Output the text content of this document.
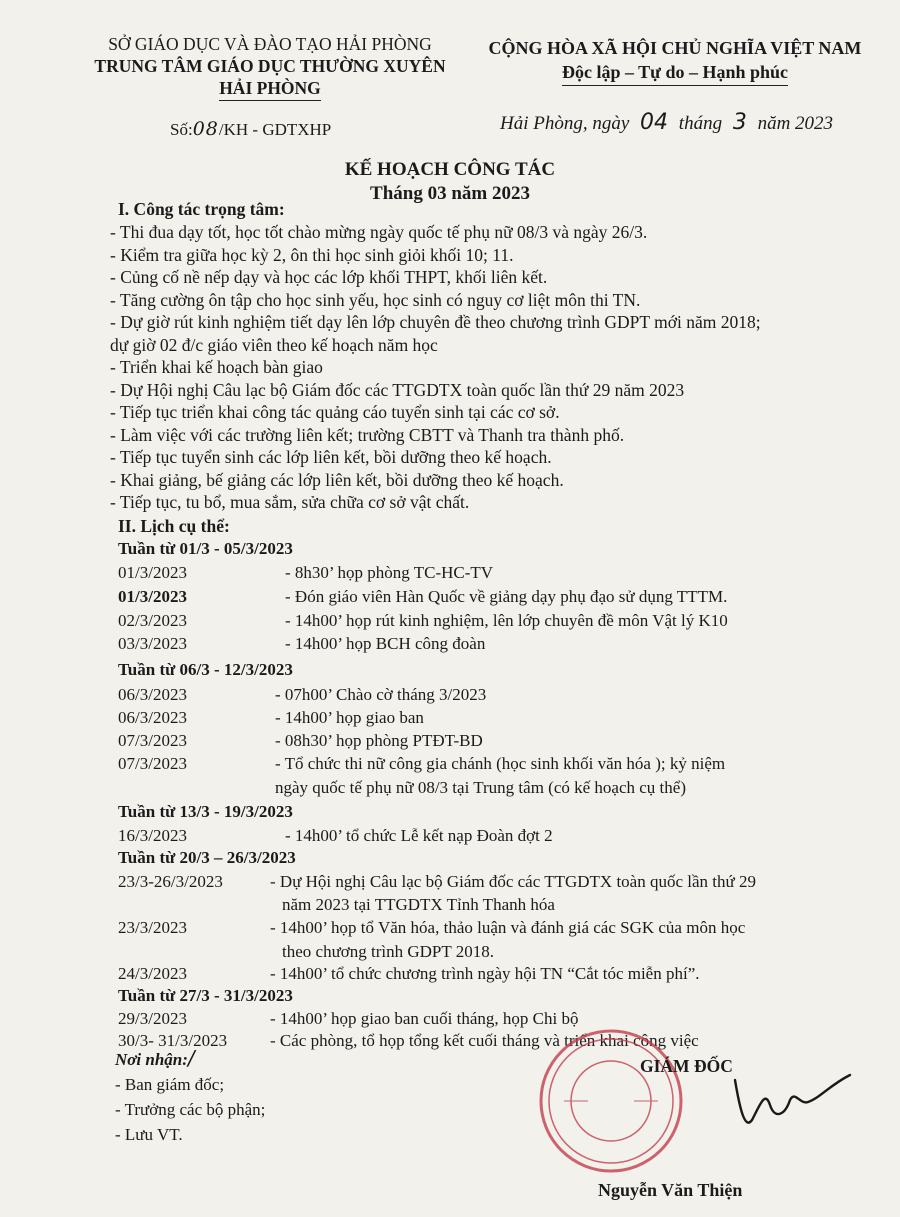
SỞ GIÁO DỤC VÀ ĐÀO TẠO HẢI PHÒNG
TRUNG TÂM GIÁO DỤC THƯỜNG XUYÊN
HẢI PHÒNG
CỘNG HÒA XÃ HỘI CHỦ NGHĨA VIỆT NAM
Độc lập – Tự do – Hạnh phúc
Số:08/KH - GDTXHP	Hải Phòng, ngày 04 tháng 3 năm 2023
KẾ HOẠCH CÔNG TÁC
Tháng 03 năm 2023
I. Công tác trọng tâm:
- Thi đua dạy tốt, học tốt chào mừng ngày quốc tế phụ nữ 08/3 và ngày 26/3.
- Kiểm tra giữa học kỳ 2, ôn thi học sinh giỏi khối 10; 11.
- Củng cố nề nếp dạy và học các lớp khối THPT, khối liên kết.
- Tăng cường ôn tập cho học sinh yếu, học sinh có nguy cơ liệt môn thi TN.
- Dự giờ rút kinh nghiệm tiết dạy lên lớp chuyên đề theo chương trình GDPT mới năm 2018;
dự giờ 02 đ/c giáo viên theo kế hoạch năm học
- Triển khai kế hoạch bàn giao
- Dự Hội nghị Câu lạc bộ Giám đốc các TTGDTX toàn quốc lần thứ 29 năm 2023
- Tiếp tục triển khai công tác quảng cáo tuyển sinh tại các cơ sở.
- Làm việc với các trường liên kết; trường CBTT và Thanh tra thành phố.
- Tiếp tục tuyển sinh các lớp liên kết, bồi dưỡng theo kế hoạch.
- Khai giảng, bế giảng các lớp liên kết, bồi dưỡng theo kế hoạch.
- Tiếp tục, tu bổ, mua sắm, sửa chữa cơ sở vật chất.
II. Lịch cụ thể:
Tuần từ 01/3 - 05/3/2023
01/3/2023	- 8h30’ họp phòng TC-HC-TV
01/3/2023	- Đón giáo viên Hàn Quốc về giảng dạy phụ đạo sử dụng TTTM.
02/3/2023	- 14h00’ họp rút kinh nghiệm, lên lớp chuyên đề môn Vật lý K10
03/3/2023	- 14h00’ họp BCH công đoàn
Tuần từ 06/3 - 12/3/2023
06/3/2023	- 07h00’ Chào cờ tháng 3/2023
06/3/2023	- 14h00’ họp giao ban
07/3/2023	- 08h30’ họp phòng PTĐT-BD
07/3/2023	- Tổ chức thi nữ công gia chánh (học sinh khối văn hóa ); kỷ niệm
ngày quốc tế phụ nữ 08/3 tại Trung tâm (có kế hoạch cụ thể)
Tuần từ 13/3 - 19/3/2023
16/3/2023	- 14h00’ tổ chức Lễ kết nạp Đoàn đợt 2
Tuần từ 20/3 – 26/3/2023
23/3-26/3/2023	- Dự Hội nghị Câu lạc bộ Giám đốc các TTGDTX toàn quốc lần thứ 29
năm 2023 tại TTGDTX Tỉnh Thanh hóa
23/3/2023	- 14h00’ họp tổ Văn hóa, thảo luận và đánh giá các SGK của môn học
theo chương trình GDPT 2018.
24/3/2023	- 14h00’ tổ chức chương trình ngày hội TN “Cắt tóc miễn phí”.
Tuần từ 27/3 - 31/3/2023
29/3/2023	- 14h00’ họp giao ban cuối tháng, họp Chi bộ
30/3- 31/3/2023	- Các phòng, tổ họp tổng kết cuối tháng và triển khai công việc
Nơi nhận:/
- Ban giám đốc;
- Trưởng các bộ phận;
- Lưu VT.
GIÁM ĐỐC
Nguyễn Văn Thiện
